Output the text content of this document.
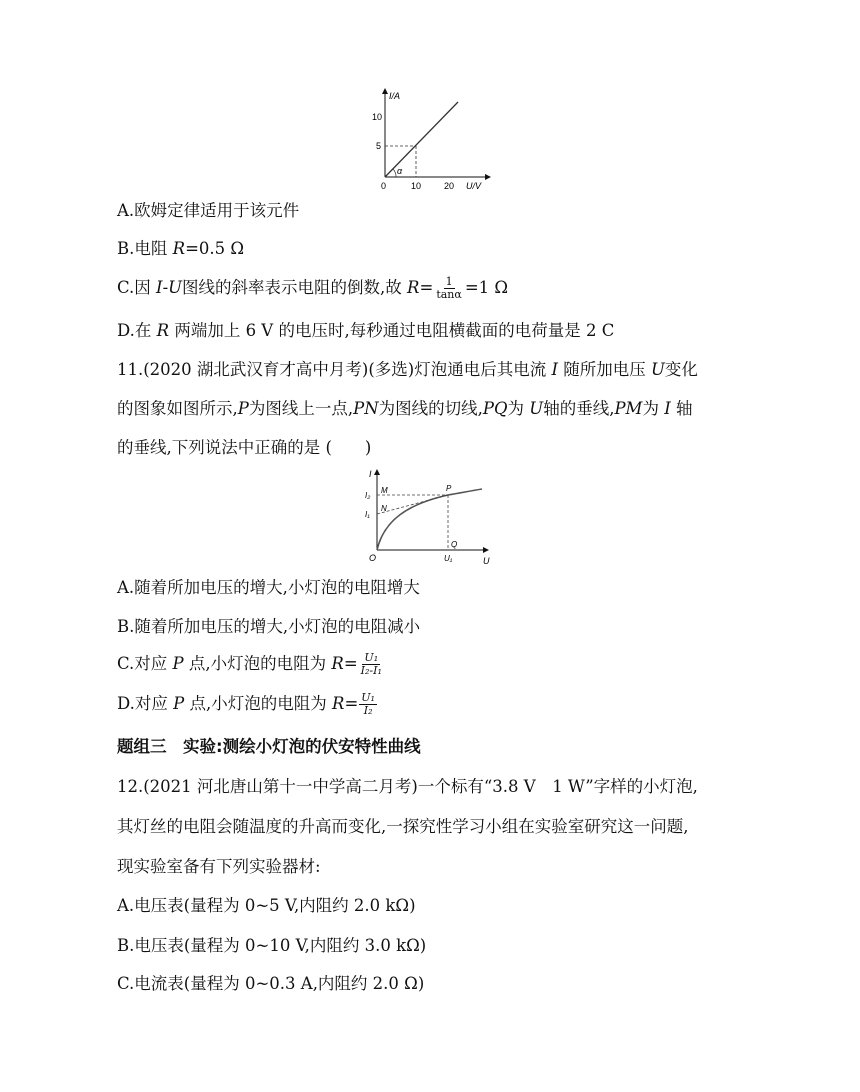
I/A
U/V
10
5
10	20
0
α
A.欧姆定律适用于该元件
B.电阻 R=0.5 Ω
C.因 I-U图线的斜率表示电阻的倒数,故 $R= \frac{1}{\tan\alpha} =1$ Ω
D.在 R 两端加上 6 V 的电压时,每秒通过电阻横截面的电荷量是 2 C
11.(2020 湖北武汉育才高中月考)(多选)灯泡通电后其电流 I 随所加电压 U变化
的图象如图所示,P为图线上一点,PN为图线的切线,PQ为 U轴的垂线,PM为 I 轴
的垂线,下列说法中正确的是 (　　)
I
U
O
I₂
I₁
M
N
P
Q
U₁
A.随着所加电压的增大,小灯泡的电阻增大
B.随着所加电压的增大,小灯泡的电阻减小
C.对应 P 点,小灯泡的电阻为 $R= \frac{\text{U₁}}{\text{I₂-I₁}}$
D.对应 P 点,小灯泡的电阻为 $R= \frac{\text{U₁}}{\text{I₂}}$
题组三　实验:测绘小灯泡的伏安特性曲线
12.(2021 河北唐山第十一中学高二月考)一个标有“3.8 V　1 W”字样的小灯泡,
其灯丝的电阻会随温度的升高而变化,一探究性学习小组在实验室研究这一问题,
现实验室备有下列实验器材:
A.电压表(量程为 0~5 V,内阻约 2.0 kΩ)
B.电压表(量程为 0~10 V,内阻约 3.0 kΩ)
C.电流表(量程为 0~0.3 A,内阻约 2.0 Ω)
